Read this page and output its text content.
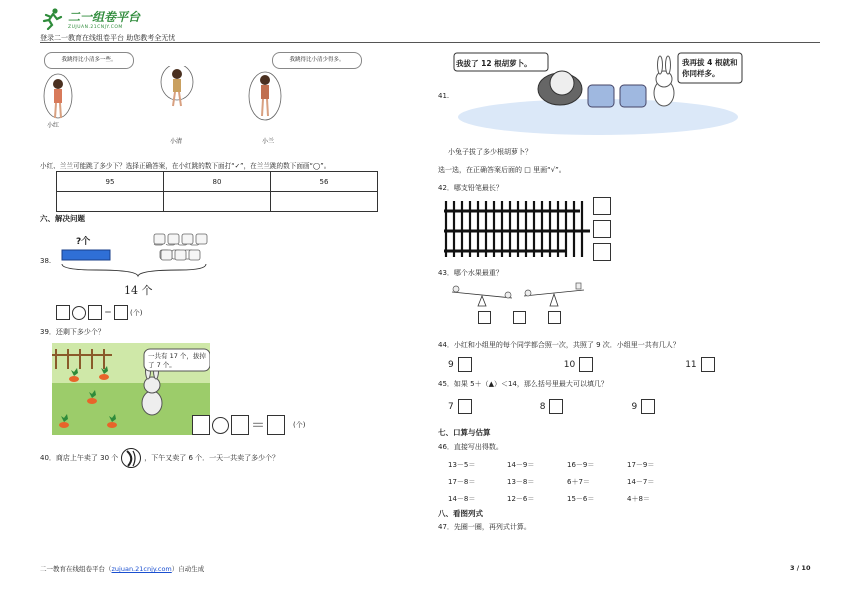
二一组卷平台
ZUJUAN.21CNJY.COM
登录二一教育在线组卷平台 助您教考全无忧
我跳得比小清多一些。	我跳得比小清少得多。
小红
小清	小兰
小红、兰兰可能跳了多少下？选择正确答案，在小红跳的数下面打“✓”，在兰兰跳的数下面画“◯”。
95	80	56

六、解决问题
38.
?个
14 个
＝	(个)
39．还剩下多少个？
一共有 17 个，拔掉了 7 个。
＝	(个)
40．商店上午卖了 30 个	，下午又卖了 6 个．一天一共卖了多少个？
41.
我拔了 12 根胡萝卜。	我再拔 4 根就和你同样多。
小兔子拔了多少根胡萝卜？
选一选，在正确答案后面的 □ 里画“√”。
42．哪支铅笔最长？
43．哪个水果最重？
44．小红和小组里的每个同学都合照一次，共照了 9 次．小组里一共有几人？
9	10	11
45．如果 5＋（▲）＜14，那么括号里最大可以填几？
7	8	9
七、口算与估算
46．直接写出得数。
13－5＝	14－9＝	16－9＝	17－9＝
17－8＝	13－8＝	6＋7＝	14－7＝
14－8＝	12－6＝	15－6＝	4＋8＝
八、看图列式
47．先圈一圈，再列式计算。
二一教育在线组卷平台（zujuan.21cnjy.com）自动生成	3 / 10
